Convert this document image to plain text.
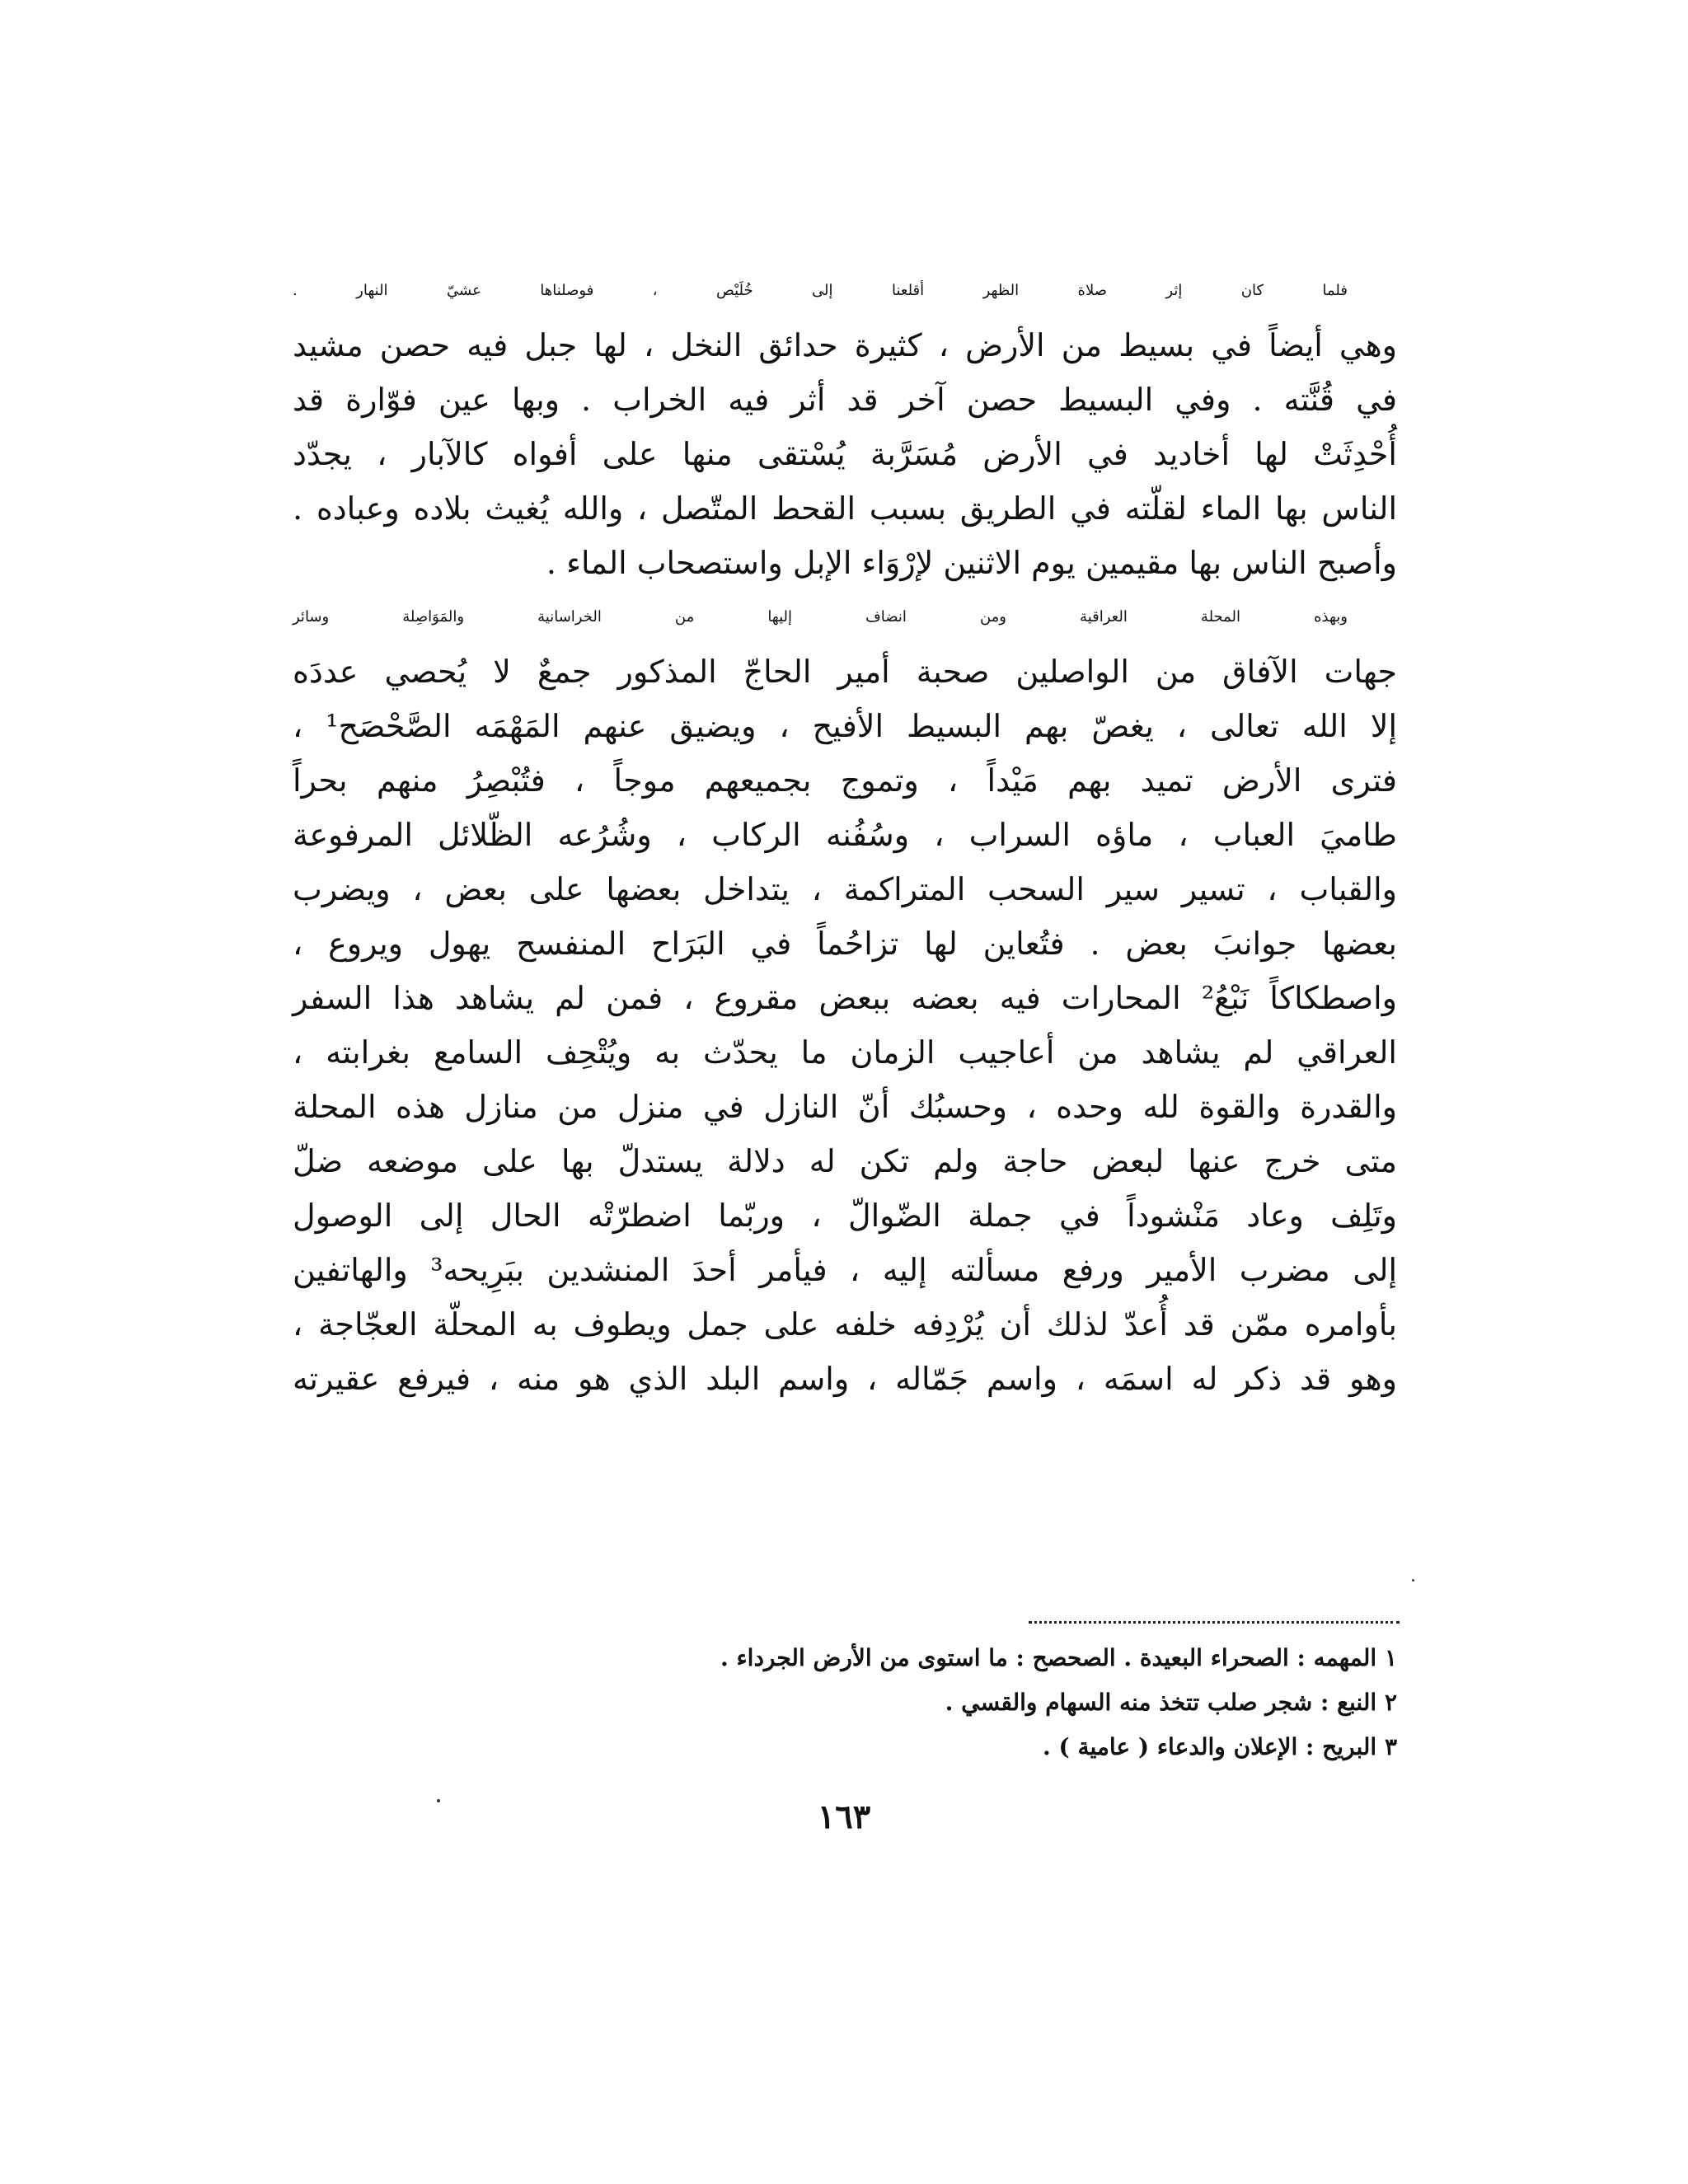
فلما كان إثر صلاة الظهر أقلعنا إلى خُلَيْص ، فوصلناها عشيّ النهار .
وهي أيضاً في بسيط من الأرض ، كثيرة حدائق النخل ، لها جبل فيه حصن مشيد
في قُنَّته . وفي البسيط حصن آخر قد أثر فيه الخراب . وبها عين فوّارة قد
أُحْدِثَتْ لها أخاديد في الأرض مُسَرَّبة يُسْتقى منها على أفواه كالآبار ، يجدّد
الناس بها الماء لقلّته في الطريق بسبب القحط المتّصل ، والله يُغيث بلاده وعباده .
وأصبح الناس بها مقيمين يوم الاثنين لإرْوَاء الإبل واستصحاب الماء .
وبهذه المحلة العراقية ومن انضاف إليها من الخراسانية والمَوَاصِلة وسائر
جهات الآفاق من الواصلين صحبة أمير الحاجّ المذكور جمعٌ لا يُحصي عددَه
إلا الله تعالى ، يغصّ بهم البسيط الأفيح ، ويضيق عنهم المَهْمَه الصَّحْصَح¹ ،
فترى الأرض تميد بهم مَيْداً ، وتموج بجميعهم موجاً ، فتُبْصِرُ منهم بحراً
طاميَ العباب ، ماؤه السراب ، وسُفُنه الركاب ، وشُرُعه الظّلائل المرفوعة
والقباب ، تسير سير السحب المتراكمة ، يتداخل بعضها على بعض ، ويضرب
بعضها جوانبَ بعض . فتُعاين لها تزاحُماً في البَرَاح المنفسح يهول ويروع ،
واصطكاكاً نَبْعُ² المحارات فيه بعضه ببعض مقروع ، فمن لم يشاهد هذا السفر
العراقي لم يشاهد من أعاجيب الزمان ما يحدّث به ويُتْحِف السامع بغرابته ،
والقدرة والقوة لله وحده ، وحسبُك أنّ النازل في منزل من منازل هذه المحلة
متى خرج عنها لبعض حاجة ولم تكن له دلالة يستدلّ بها على موضعه ضلّ
وتَلِف وعاد مَنْشوداً في جملة الضّوالّ ، وربّما اضطرّتْه الحال إلى الوصول
إلى مضرب الأمير ورفع مسألته إليه ، فيأمر أحدَ المنشدين ببَرِيحه³ والهاتفين
بأوامره ممّن قد أُعدّ لذلك أن يُرْدِفه خلفه على جمل ويطوف به المحلّة العجّاجة ،
وهو قد ذكر له اسمَه ، واسم جَمّاله ، واسم البلد الذي هو منه ، فيرفع عقيرته
١ المهمه : الصحراء البعيدة . الصحصح : ما استوى من الأرض الجرداء .
٢ النبع : شجر صلب تتخذ منه السهام والقسي .
٣ البريح : الإعلان والدعاء ( عامية ) .
١٦٣
